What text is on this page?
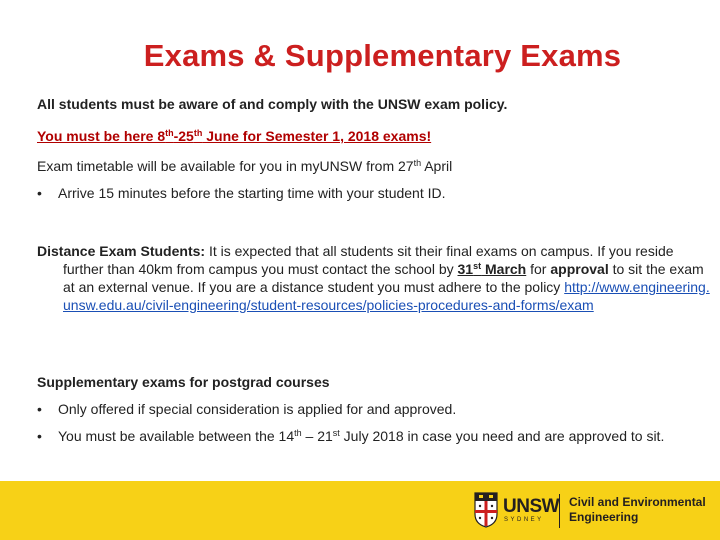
Exams & Supplementary Exams
All students must be aware of and comply with the UNSW exam policy.
You must be here 8th-25th June for Semester 1, 2018 exams!
Exam timetable will be available for you in myUNSW from 27th April
• Arrive 15 minutes before the starting time with your student ID.
Distance Exam Students: It is expected that all students sit their final exams on campus. If you reside further than 40km from campus you must contact the school by 31st March for approval to sit the exam at an external venue. If you are a distance student you must adhere to the policy http://www.engineering.unsw.edu.au/civil-engineering/student-resources/policies-procedures-and-forms/exam
Supplementary exams for postgrad courses
• Only offered if special consideration is applied for and approved.
• You must be available between the 14th – 21st July 2018 in case you need and are approved to sit.
UNSW
SYDNEY
Civil and Environmental
Engineering
